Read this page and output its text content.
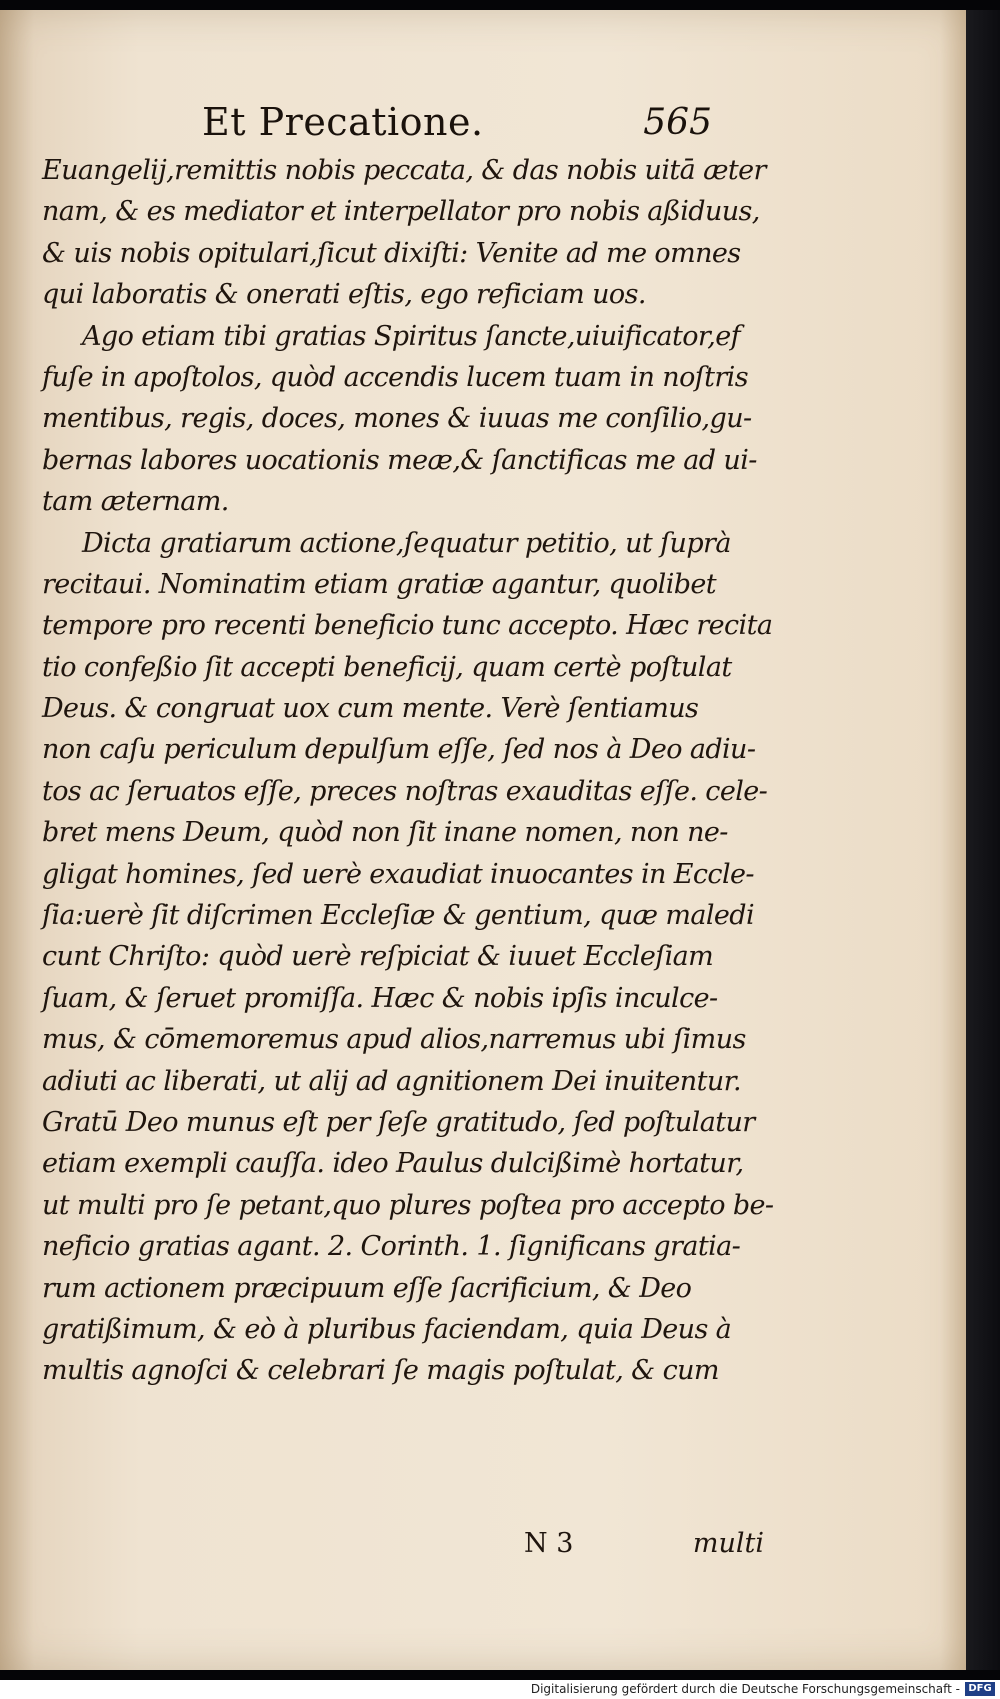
Et Precatione.	565
Euangelij,remittis nobis peccata, & das nobis uitā æter
nam, & es mediator et interpellator pro nobis aßiduus,
& uis nobis opitulari,ſicut dixiſti: Venite ad me omnes
qui laboratis & onerati eſtis, ego reficiam uos.
Ago etiam tibi gratias Spiritus ſancte,uiuificator,ef
fuſe in apoſtolos, quòd accendis lucem tuam in noſtris
mentibus, regis, doces, mones & iuuas me conſilio,gu-
bernas labores uocationis meæ,& ſanctificas me ad ui-
tam æternam.
Dicta gratiarum actione,ſequatur petitio, ut ſuprà
recitaui. Nominatim etiam gratiæ agantur, quolibet
tempore pro recenti beneficio tunc accepto. Hæc recita
tio confeßio ſit accepti beneficij, quam certè poſtulat
Deus. & congruat uox cum mente. Verè ſentiamus
non caſu periculum depulſum eſſe, ſed nos à Deo adiu-
tos ac ſeruatos eſſe, preces noſtras exauditas eſſe. cele-
bret mens Deum, quòd non ſit inane nomen, non ne-
gligat homines, ſed uerè exaudiat inuocantes in Eccle-
ſia:uerè ſit diſcrimen Eccleſiæ & gentium, quæ maledi
cunt Chriſto: quòd uerè reſpiciat & iuuet Eccleſiam
ſuam, & ſeruet promiſſa. Hæc & nobis ipſis inculce-
mus, & cōmemoremus apud alios,narremus ubi ſimus
adiuti ac liberati, ut alij ad agnitionem Dei inuitentur.
Gratū Deo munus eſt per ſeſe gratitudo, ſed poſtulatur
etiam exempli cauſſa. ideo Paulus dulcißimè hortatur,
ut multi pro ſe petant,quo plures poſtea pro accepto be-
neficio gratias agant. 2. Corinth. 1. ſignificans gratia-
rum actionem præcipuum eſſe ſacrificium, & Deo
gratißimum, & eò à pluribus faciendam, quia Deus à
multis agnoſci & celebrari ſe magis poſtulat, & cum
N 3	multi
Digitalisierung gefördert durch die Deutsche Forschungsgemeinschaft - DFG
